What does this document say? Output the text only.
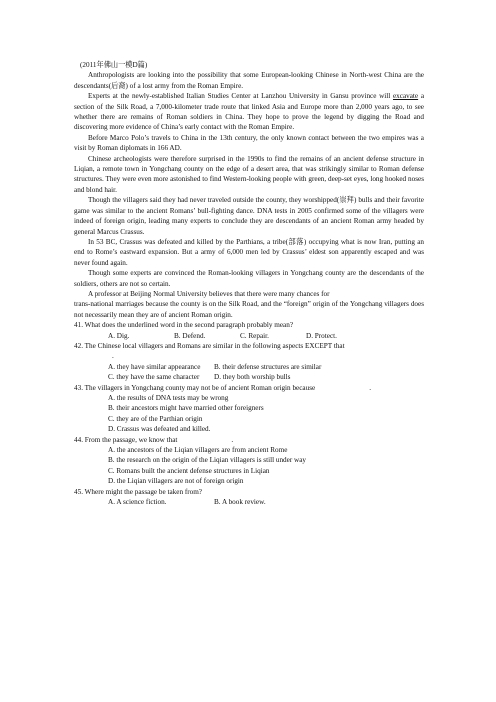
(2011年佛山一模D篇)

Anthropologists are looking into the possibility that some European-looking Chinese in North-west China are the descendants(后裔) of a lost army from the Roman Empire.

Experts at the newly-established Italian Studies Center at Lanzhou University in Gansu province will excavate a section of the Silk Road, a 7,000-kilometer trade route that linked Asia and Europe more than 2,000 years ago, to see whether there are remains of Roman soldiers in China. They hope to prove the legend by digging the Road and discovering more evidence of China’s early contact with the Roman Empire.

Before Marco Polo’s travels to China in the 13th century, the only known contact between the two empires was a visit by Roman diplomats in 166 AD.

Chinese archeologists were therefore surprised in the 1990s to find the remains of an ancient defense structure in Liqian, a remote town in Yongchang county on the edge of a desert area, that was strikingly similar to Roman defense structures. They were even more astonished to find Western-looking people with green, deep-set eyes, long hooked noses and blond hair.

Though the villagers said they had never traveled outside the county, they worshipped(崇拜) bulls and their favorite game was similar to the ancient Romans’ bull-fighting dance. DNA tests in 2005 confirmed some of the villagers were indeed of foreign origin, leading many experts to conclude they are descendants of an ancient Roman army headed by general Marcus Crassus.

In 53 BC, Crassus was defeated and killed by the Parthians, a tribe(部落) occupying what is now Iran, putting an end to Rome’s eastward expansion. But a army of 6,000 men led by Crassus’ eldest son apparently escaped and was never found again.

Though some experts are convinced the Roman-looking villagers in Yongchang county are the descendants of the soldiers, others are not so certain.

A professor at Beijing Normal University believes that there were many chances for

trans-national marriages because the county is on the Silk Road, and the “foreign” origin of the Yongchang villagers does not necessarily mean they are of ancient Roman origin.

41. What does the underlined word in the second paragraph probably mean?

A. Dig.	B. Defend.	C. Repair.	D. Protect.

42. The Chinese local villagers and Romans are similar in the following aspects EXCEPT that

.

A. they have similar appearance	B. their defense structures are similar
C. they have the same character	D. they both worship bulls

43. The villagers in Yongchang county may not be of ancient Roman origin because	.

A. the results of DNA tests may be wrong
B. their ancestors might have married other foreigners
C. they are of the Parthian origin
D. Crassus was defeated and killed.

44. From the passage, we know that	.

A. the ancestors of the Liqian villagers are from ancient Rome
B. the research on the origin of the Liqian villagers is still under way
C. Romans built the ancient defense structures in Liqian
D. the Liqian villagers are not of foreign origin

45. Where might the passage be taken from?

A. A science fiction.	B. A book review.
